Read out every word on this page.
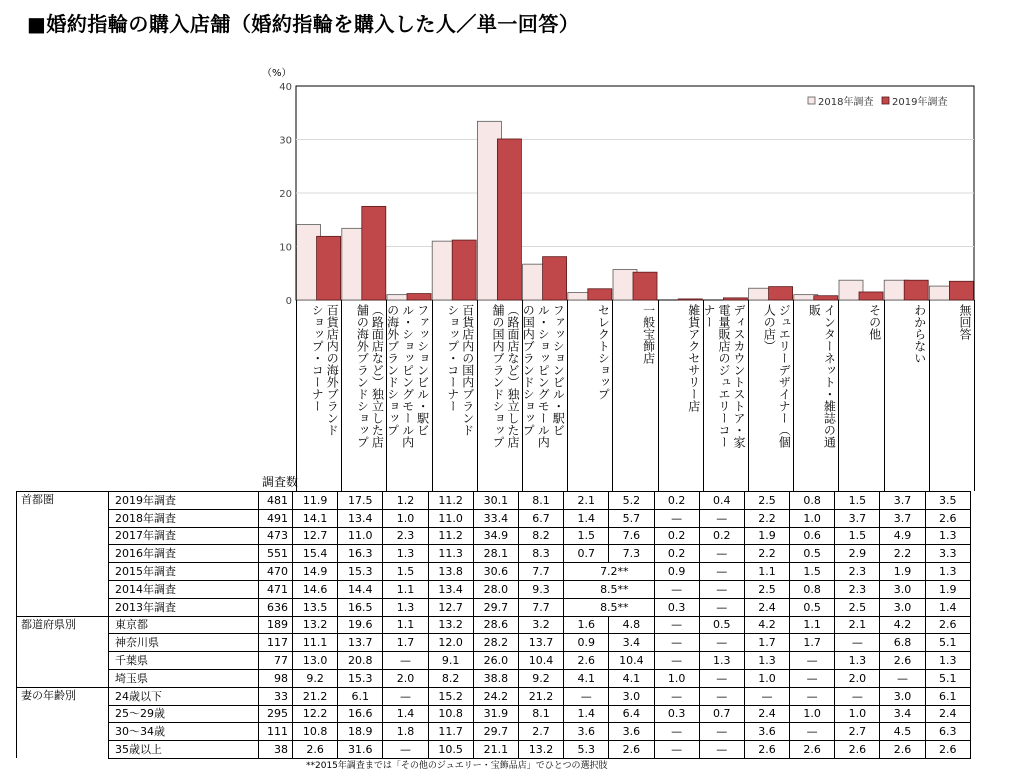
■婚約指輪の購入店舗（婚約指輪を購入した人／単一回答）
0
10
20
30
40
（%）
2018年調査 2019年調査
百貨店内の海外ブランド
ショップ・コーナー	（路面店など）独立した店
舗の海外ブランドショップ	ファッションビル・駅ビ
ル・ショッピングモール内
の海外ブランドショップ	百貨店内の国内ブランド
ショップ・コーナー	（路面店など）独立した店
舗の国内ブランドショップ	ファッションビル・駅ビ
ル・ショッピングモール内
の国内ブランドショップ	セレクトショップ	一般宝飾店	雑貨アクセサリー店	ディスカウントストア・家
電量販店のジュエリーコー
ナー	ジュエリーデザイナー（個
人の店）	インターネット・雑誌の通
販	その他	わからない	無回答
調査数
首都圏	2019年調査	481	11.9	17.5	1.2	11.2	30.1	8.1	2.1	5.2	0.2	0.4	2.5	0.8	1.5	3.7	3.5
	2018年調査	491	14.1	13.4	1.0	11.0	33.4	6.7	1.4	5.7	—	—	2.2	1.0	3.7	3.7	2.6
	2017年調査	473	12.7	11.0	2.3	11.2	34.9	8.2	1.5	7.6	0.2	0.2	1.9	0.6	1.5	4.9	1.3
	2016年調査	551	15.4	16.3	1.3	11.3	28.1	8.3	0.7	7.3	0.2	—	2.2	0.5	2.9	2.2	3.3
	2015年調査	470	14.9	15.3	1.5	13.8	30.6	7.7	7.2**		0.9	—	1.1	1.5	2.3	1.9	1.3
	2014年調査	471	14.6	14.4	1.1	13.4	28.0	9.3	8.5**		—	—	2.5	0.8	2.3	3.0	1.9
	2013年調査	636	13.5	16.5	1.3	12.7	29.7	7.7	8.5**		0.3	—	2.4	0.5	2.5	3.0	1.4
都道府県別	東京都	189	13.2	19.6	1.1	13.2	28.6	3.2	1.6	4.8	—	0.5	4.2	1.1	2.1	4.2	2.6
	神奈川県	117	11.1	13.7	1.7	12.0	28.2	13.7	0.9	3.4	—	—	1.7	1.7	—	6.8	5.1
	千葉県	77	13.0	20.8	—	9.1	26.0	10.4	2.6	10.4	—	1.3	1.3	—	1.3	2.6	1.3
	埼玉県	98	9.2	15.3	2.0	8.2	38.8	9.2	4.1	4.1	1.0	—	1.0	—	2.0	—	5.1
妻の年齢別	24歳以下	33	21.2	6.1	—	15.2	24.2	21.2	—	3.0	—	—	—	—	—	3.0	6.1
	25～29歳	295	12.2	16.6	1.4	10.8	31.9	8.1	1.4	6.4	0.3	0.7	2.4	1.0	1.0	3.4	2.4
	30～34歳	111	10.8	18.9	1.8	11.7	29.7	2.7	3.6	3.6	—	—	3.6	—	2.7	4.5	6.3
	35歳以上	38	2.6	31.6	—	10.5	21.1	13.2	5.3	2.6	—	—	2.6	2.6	2.6	2.6	2.6
**2015年調査までは「その他のジュエリー・宝飾品店」でひとつの選択肢
